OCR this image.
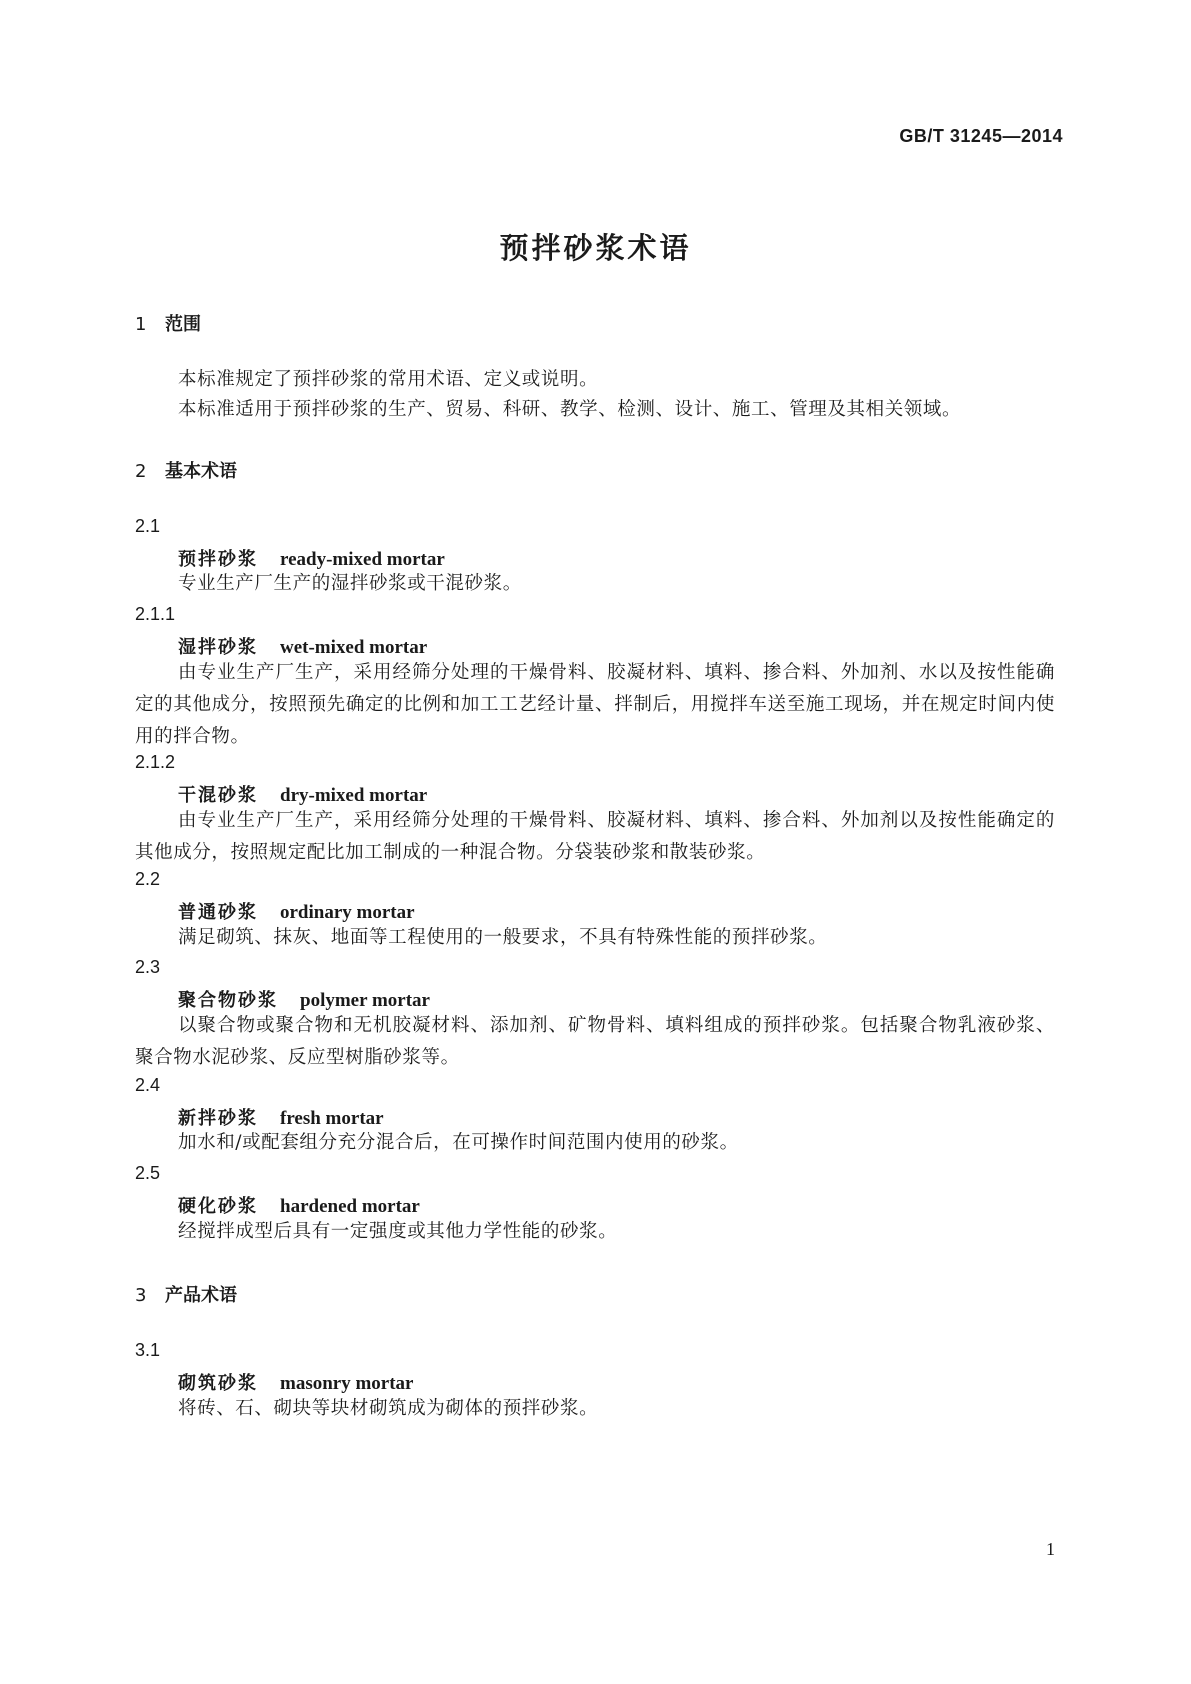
GB/T 31245—2014
预拌砂浆术语
1 范围
本标准规定了预拌砂浆的常用术语、定义或说明。
本标准适用于预拌砂浆的生产、贸易、科研、教学、检测、设计、施工、管理及其相关领域。
2 基本术语
2.1
预拌砂浆 ready-mixed mortar
专业生产厂生产的湿拌砂浆或干混砂浆。
2.1.1
湿拌砂浆 wet-mixed mortar
由专业生产厂生产，采用经筛分处理的干燥骨料、胶凝材料、填料、掺合料、外加剂、水以及按性能确定的其他成分，按照预先确定的比例和加工工艺经计量、拌制后，用搅拌车送至施工现场，并在规定时间内使用的拌合物。
2.1.2
干混砂浆 dry-mixed mortar
由专业生产厂生产，采用经筛分处理的干燥骨料、胶凝材料、填料、掺合料、外加剂以及按性能确定的其他成分，按照规定配比加工制成的一种混合物。分袋装砂浆和散装砂浆。
2.2
普通砂浆 ordinary mortar
满足砌筑、抹灰、地面等工程使用的一般要求，不具有特殊性能的预拌砂浆。
2.3
聚合物砂浆 polymer mortar
以聚合物或聚合物和无机胶凝材料、添加剂、矿物骨料、填料组成的预拌砂浆。包括聚合物乳液砂浆、聚合物水泥砂浆、反应型树脂砂浆等。
2.4
新拌砂浆 fresh mortar
加水和/或配套组分充分混合后，在可操作时间范围内使用的砂浆。
2.5
硬化砂浆 hardened mortar
经搅拌成型后具有一定强度或其他力学性能的砂浆。
3 产品术语
3.1
砌筑砂浆 masonry mortar
将砖、石、砌块等块材砌筑成为砌体的预拌砂浆。
1
